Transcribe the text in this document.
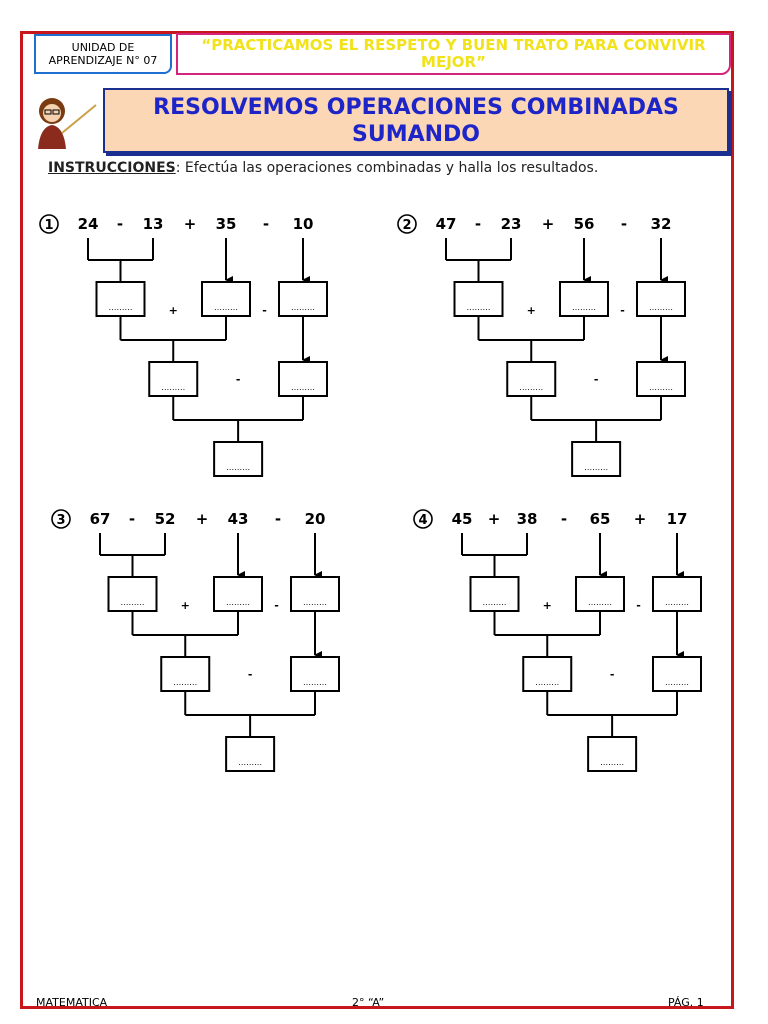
UNIDAD DE
APRENDIZAJE N° 07
“PRACTICAMOS EL RESPETO Y BUEN TRATO PARA CONVIVIR MEJOR”
RESOLVEMOS OPERACIONES COMBINADAS
SUMANDO
INSTRUCCIONES: Efectúa las operaciones combinadas y halla los resultados.
1 24 - 13 + 35 - 10
………	………	………
+	-
………	………
-
………
2 47 - 23 + 56 - 32
………	………	………
+	-
………	………
-
………
3 67 - 52 + 43 - 20
………	………	………
+	-
………	………
-
………
4 45 + 38 - 65 + 17
………	………	………
+	-
………	………
-
………
MATEMATICA	2° “A”	PÁG. 1
